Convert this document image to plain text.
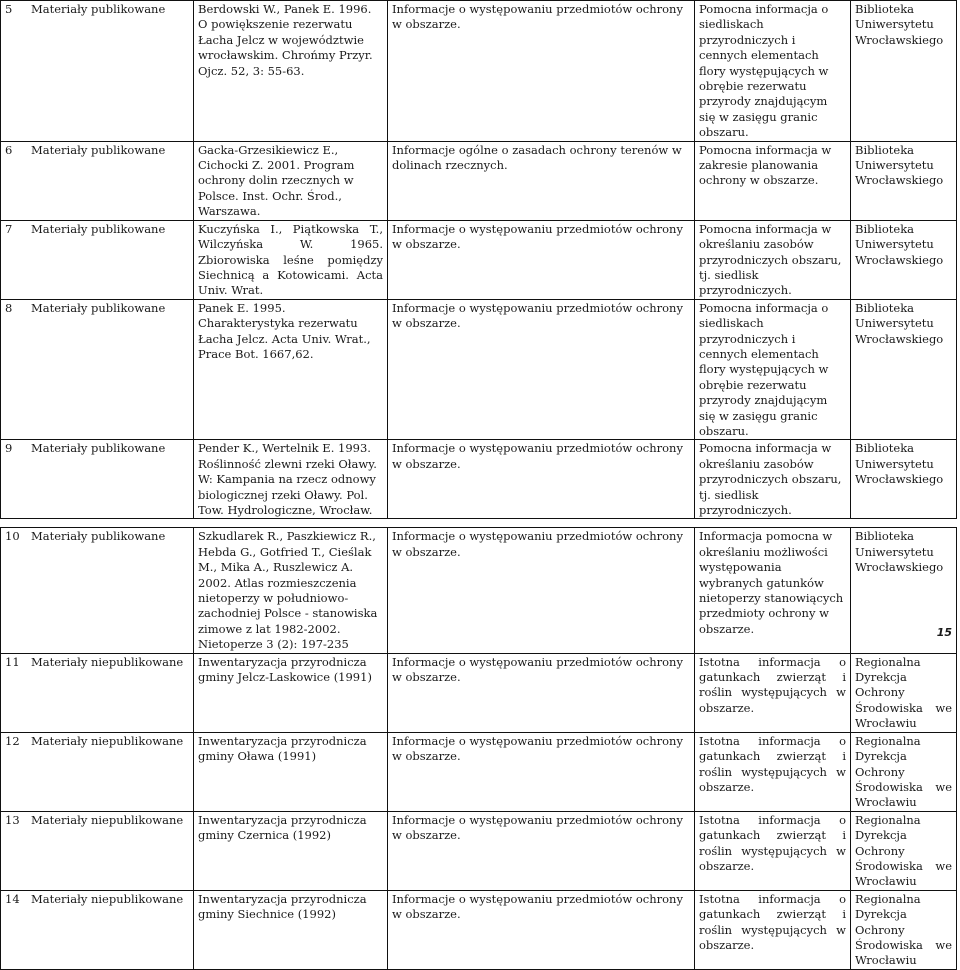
5 Materiały publikowane	Berdowski W., Panek E. 1996. O powiększenie rezerwatu Łacha Jelcz w województwie wrocławskim. Chrońmy Przyr. Ojcz. 52, 3: 55-63.	Informacje o występowaniu przedmiotów ochrony w obszarze.	Pomocna informacja o siedliskach przyrodniczych i cennych elementach flory występujących w obrębie rezerwatu przyrody znajdującym się w zasięgu granic obszaru.	Biblioteka Uniwersytetu Wrocławskiego
6 Materiały publikowane	Gacka-Grzesikiewicz E., Cichocki Z. 2001. Program ochrony dolin rzecznych w Polsce. Inst. Ochr. Środ., Warszawa.	Informacje ogólne o zasadach ochrony terenów w dolinach rzecznych.	Pomocna informacja w zakresie planowania ochrony w obszarze.	Biblioteka Uniwersytetu Wrocławskiego
7 Materiały publikowane	Kuczyńska I., Piątkowska T., Wilczyńska W. 1965. Zbiorowiska leśne pomiędzy Siechnicą a Kotowicami. Acta Univ. Wrat.	Informacje o występowaniu przedmiotów ochrony w obszarze.	Pomocna informacja w określaniu zasobów przyrodniczych obszaru, tj. siedlisk przyrodniczych.	Biblioteka Uniwersytetu Wrocławskiego
8 Materiały publikowane	Panek E. 1995. Charakterystyka rezerwatu Łacha Jelcz. Acta Univ. Wrat., Prace Bot. 1667,62.	Informacje o występowaniu przedmiotów ochrony w obszarze.	Pomocna informacja o siedliskach przyrodniczych i cennych elementach flory występujących w obrębie rezerwatu przyrody znajdującym się w zasięgu granic obszaru.	Biblioteka Uniwersytetu Wrocławskiego
9 Materiały publikowane	Pender K., Wertelnik E. 1993. Roślinność zlewni rzeki Oławy. W: Kampania na rzecz odnowy biologicznej rzeki Oławy. Pol. Tow. Hydrologiczne, Wrocław.	Informacje o występowaniu przedmiotów ochrony w obszarze.	Pomocna informacja w określaniu zasobów przyrodniczych obszaru, tj. siedlisk przyrodniczych.	Biblioteka Uniwersytetu Wrocławskiego

10 Materiały publikowane	Szkudlarek R., Paszkiewicz R., Hebda G., Gotfried T., Cieślak M., Mika A., Ruszlewicz A. 2002. Atlas rozmieszczenia nietoperzy w południowo-zachodniej Polsce - stanowiska zimowe z lat 1982-2002. Nietoperze 3 (2): 197-235	Informacje o występowaniu przedmiotów ochrony w obszarze.	Informacja pomocna w określaniu możliwości występowania wybranych gatunków nietoperzy stanowiących przedmioty ochrony w obszarze.	Biblioteka Uniwersytetu Wrocławskiego
11 Materiały niepublikowane	Inwentaryzacja przyrodnicza gminy Jelcz-Laskowice (1991)	Informacje o występowaniu przedmiotów ochrony w obszarze.	Istotna informacja o gatunkach zwierząt i roślin występujących w obszarze.	Regionalna Dyrekcja Ochrony Środowiska we Wrocławiu
12 Materiały niepublikowane	Inwentaryzacja przyrodnicza gminy Oława (1991)	Informacje o występowaniu przedmiotów ochrony w obszarze.	Istotna informacja o gatunkach zwierząt i roślin występujących w obszarze.	Regionalna Dyrekcja Ochrony Środowiska we Wrocławiu
13 Materiały niepublikowane	Inwentaryzacja przyrodnicza gminy Czernica (1992)	Informacje o występowaniu przedmiotów ochrony w obszarze.	Istotna informacja o gatunkach zwierząt i roślin występujących w obszarze.	Regionalna Dyrekcja Ochrony Środowiska we Wrocławiu
14 Materiały niepublikowane	Inwentaryzacja przyrodnicza gminy Siechnice (1992)	Informacje o występowaniu przedmiotów ochrony w obszarze.	Istotna informacja o gatunkach zwierząt i roślin występujących w obszarze.	Regionalna Dyrekcja Ochrony Środowiska we Wrocławiu
15
